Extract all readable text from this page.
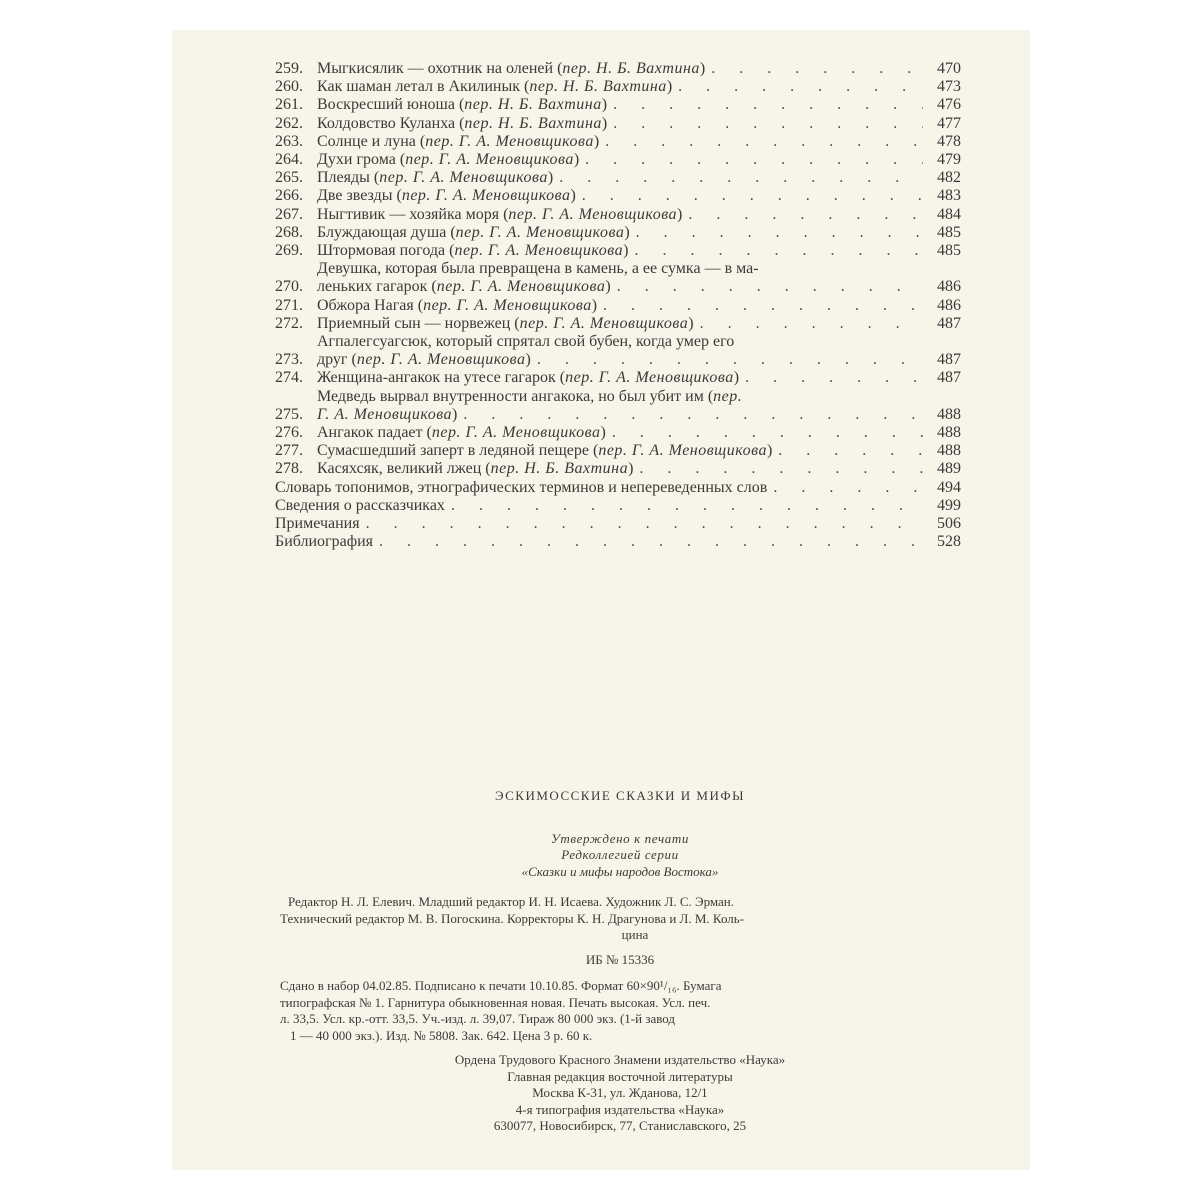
259. Мыгкисялик — охотник на оленей ( пер. Н. Б. Вахтина ) . . .	470
260. Как шаман летал в Акилинык ( пер. Н. Б. Вахтина ) . . .	473
261. Воскресший юноша ( пер. Н. Б. Вахтина ) . . .	476
262. Колдовство Куланха ( пер. Н. Б. Вахтина ) . . .	477
263. Солнце и луна ( пер. Г. А. Меновщикова ) . . .	478
264. Духи грома ( пер. Г. А. Меновщикова ) . . .	479
265. Плеяды ( пер. Г. А. Меновщикова ) . . .	482
266. Две звезды ( пер. Г. А. Меновщикова ) . . .	483
267. Ныгтивик — хозяйка моря ( пер. Г. А. Меновщикова ) . . .	484
268. Блуждающая душа ( пер. Г. А. Меновщикова ) . . .	485
269. Штормовая погода ( пер. Г. А. Меновщикова ) . . .	485
270.
Девушка, которая была превращена в камень, а ее сумка — в ма-
леньких гагарок ( пер. Г. А. Меновщикова ) . . .	486
271. Обжора Нагая ( пер. Г. А. Меновщикова ) . . .	486
272. Приемный сын — норвежец ( пер. Г. А. Меновщикова ) . . .	487
273.
Агпалегсуагсюк, который спрятал свой бубен, когда умер его
друг ( пер. Г. А. Меновщикова ) . . .	487
274. Женщина-ангакок на утесе гагарок ( пер. Г. А. Меновщикова ) . . .	487
275.
Медведь вырвал внутренности ангакока, но был убит им ( пер.
Г. А. Меновщикова ) . . .	488
276. Ангакок падает ( пер. Г. А. Меновщикова ) . . .	488
277. Сумасшедший заперт в ледяной пещере ( пер. Г. А. Меновщикова ) . . .	488
278. Касяхсяк, великий лжец ( пер. Н. Б. Вахтина ) . . .	489
Словарь топонимов, этнографических терминов и непереведенных слов . . .	494
Сведения о рассказчиках . . .	499
Примечания . . .	506
Библиография . . .	528
ЭСКИМОССКИЕ СКАЗКИ И МИФЫ
Утверждено к печати
Редколлегией серии
«Сказки и мифы народов Востока»
Редактор Н. Л. Елевич. Младший редактор И. Н. Исаева. Художник Л. С. Эрман.
Технический редактор М. В. Погоскина. Корректоры К. Н. Драгунова и Л. М. Коль-
цина
ИБ № 15336
Сдано в набор 04.02.85. Подписано к печати 10.10.85. Формат 60×90¹/₁₆. Бумага
типографская № 1. Гарнитура обыкновенная новая. Печать высокая. Усл. печ.
л. 33,5. Усл. кр.-отт. 33,5. Уч.-изд. л. 39,07. Тираж 80 000 экз. (1-й завод
1 — 40 000 экз.). Изд. № 5808. Зак. 642. Цена 3 р. 60 к.
Ордена Трудового Красного Знамени издательство «Наука»
Главная редакция восточной литературы
Москва К-31, ул. Жданова, 12/1
4-я типография издательства «Наука»
630077, Новосибирск, 77, Станиславского, 25
